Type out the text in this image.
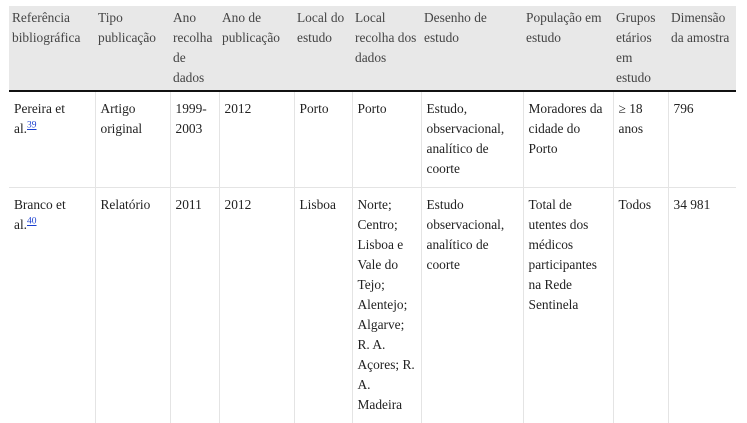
Referência bibliográfica	Tipo publicação	Ano recolha de dados	Ano de publicação	Local do estudo	Local recolha dos dados	Desenho de estudo	População em estudo	Grupos etários em estudo	Dimensão da amostra
Pereira et al.$^{39}$	Artigo original	1999-2003	2012	Porto	Porto	Estudo, observacional, analítico de coorte	Moradores da cidade do Porto	≥ 18 anos	796
Branco et al.$^{40}$	Relatório	2011	2012	Lisboa	Norte; Centro; Lisboa e Vale do Tejo; Alentejo; Algarve; R. A. Açores; R. A. Madeira	Estudo observacional, analítico de coorte	Total de utentes dos médicos participantes na Rede Sentinela	Todos	34 981
